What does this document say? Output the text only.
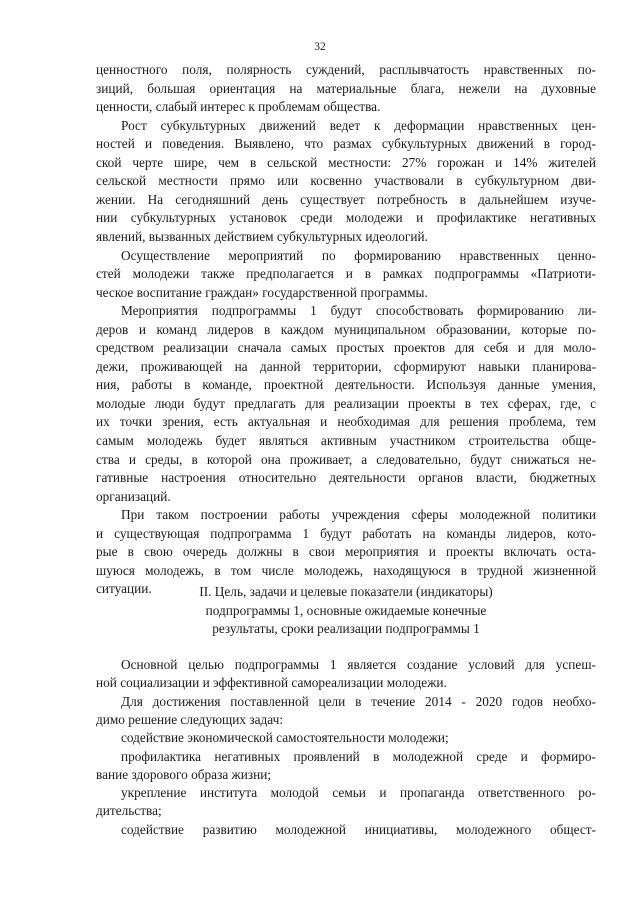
32
ценностного поля, полярность суждений, расплывчатость нравственных по-
зиций, большая ориентация на материальные блага, нежели на духовные
ценности, слабый интерес к проблемам общества.
Рост субкультурных движений ведет к деформации нравственных цен-
ностей и поведения. Выявлено, что размах субкультурных движений в город-
ской черте шире, чем в сельской местности: 27% горожан и 14% жителей
сельской местности прямо или косвенно участвовали в субкультурном дви-
жении. На сегодняшний день существует потребность в дальнейшем изуче-
нии субкультурных установок среди молодежи и профилактике негативных
явлений, вызванных действием субкультурных идеологий.
Осуществление мероприятий по формированию нравственных ценно-
стей молодежи также предполагается и в рамках подпрограммы «Патриоти-
ческое воспитание граждан» государственной программы.
Мероприятия подпрограммы 1 будут способствовать формированию ли-
деров и команд лидеров в каждом муниципальном образовании, которые по-
средством реализации сначала самых простых проектов для себя и для моло-
дежи, проживающей на данной территории, сформируют навыки планирова-
ния, работы в команде, проектной деятельности. Используя данные умения,
молодые люди будут предлагать для реализации проекты в тех сферах, где, с
их точки зрения, есть актуальная и необходимая для решения проблема, тем
самым молодежь будет являться активным участником строительства обще-
ства и среды, в которой она проживает, а следовательно, будут снижаться не-
гативные настроения относительно деятельности органов власти, бюджетных
организаций.
При таком построении работы учреждения сферы молодежной политики
и существующая подпрограмма 1 будут работать на команды лидеров, кото-
рые в свою очередь должны в свои мероприятия и проекты включать оста-
шуюся молодежь, в том числе молодежь, находящуюся в трудной жизненной
ситуации.	II. Цель, задачи и целевые показатели (индикаторы)
подпрограммы 1, основные ожидаемые конечные
результаты, сроки реализации подпрограммы 1
Основной целью подпрограммы 1 является создание условий для успеш-
ной социализации и эффективной самореализации молодежи.
Для достижения поставленной цели в течение 2014 - 2020 годов необхо-
димо решение следующих задач:
содействие экономической самостоятельности молодежи;
профилактика негативных проявлений в молодежной среде и формиро-
вание здорового образа жизни;
укрепление института молодой семьи и пропаганда ответственного ро-
дительства;
содействие развитию молодежной инициативы, молодежного общест-
